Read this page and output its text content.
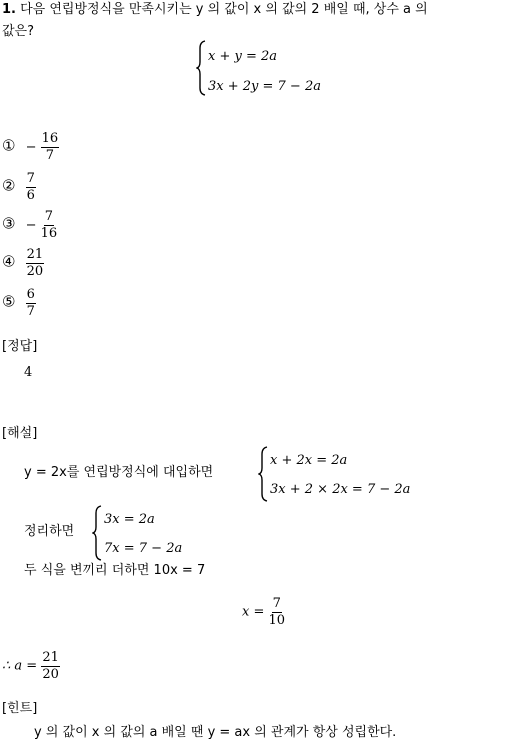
1. 다음 연립방정식을 만족시키는 y 의 값이 x 의 값의 2 배일 때, 상수 a 의
값은?
x + y = 2a
3x + 2y = 7 − 2a
① − $\frac{16}{7}$
② $\frac{7}{6}$
③ − $\frac{7}{16}$
④ $\frac{21}{20}$
⑤ $\frac{6}{7}$
[정답]
4
[해설]
y = 2x를 연립방정식에 대입하면
x + 2x = 2a
3x + 2 × 2x = 7 − 2a
정리하면
3x = 2a
7x = 7 − 2a
두 식을 변끼리 더하면 10x = 7
$x = \frac{7}{10}$
∴ $a = \frac{21}{20}$
[힌트]
y 의 값이 x 의 값의 a 배일 땐 y = ax 의 관계가 항상 성립한다.
